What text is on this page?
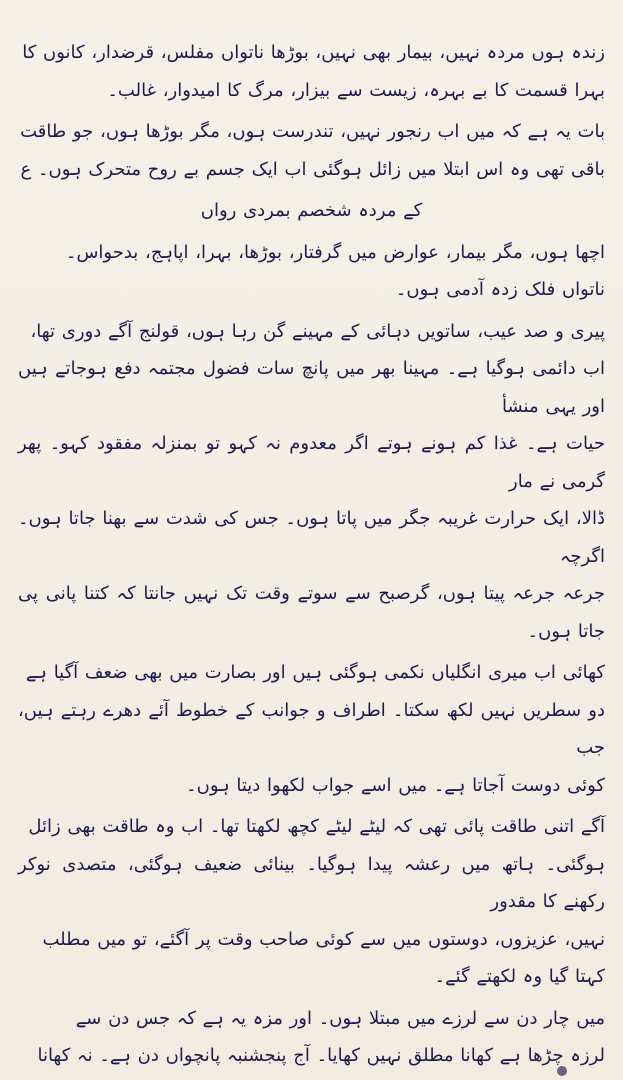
زندہ ہوں مردہ نہیں، بیمار بھی نہیں، بوڑھا ناتواں مفلس، قرضدار، کانوں کا
بہرا قسمت کا بے بہرہ، زیست سے بیزار، مرگ کا امیدوار، غالب۔

بات یہ ہے کہ میں اب رنجور نہیں، تندرست ہوں، مگر بوڑھا ہوں، جو طاقت
باقی تھی وہ اس ابتلا میں زائل ہوگئی اب ایک جسم بے روح متحرک ہوں۔ ع

کے مردہ شخصم بمردی رواں

اچھا ہوں، مگر بیمار، عوارض میں گرفتار، بوڑھا، بہرا، اپاہج، بدحواس۔
ناتواں فلک زدہ آدمی ہوں۔

پیری و صد عیب، ساتویں دہائی کے مہینے گن رہا ہوں، قولنج آگے دوری تھا،
اب دائمی ہوگیا ہے۔ مہینا بھر میں پانچ سات فضول مجتمہ دفع ہوجاتے ہیں اور یہی منشأ
حیات ہے۔ غذا کم ہونے ہوتے اگر معدوم نہ کہو تو بمنزلہ مفقود کہو۔ پھر گرمی نے مار
ڈالا، ایک حرارت غریبہ جگر میں پاتا ہوں۔ جس کی شدت سے بھنا جاتا ہوں۔ اگرچہ
جرعہ جرعہ پیتا ہوں، گرصبح سے سوتے وقت تک نہیں جانتا کہ کتنا پانی پی جاتا ہوں۔

کھائی اب میری انگلیاں نکمی ہوگئی ہیں اور بصارت میں بھی ضعف آگیا ہے
دو سطریں نہیں لکھ سکتا۔ اطراف و جوانب کے خطوط آئے دھرے رہتے ہیں، جب
کوئی دوست آجاتا ہے۔ میں اسے جواب لکھوا دیتا ہوں۔

آگے اتنی طاقت پائی تھی کہ لیٹے لیٹے کچھ لکھتا تھا۔ اب وہ طاقت بھی زائل
ہوگئی۔ ہاتھ میں رعشہ پیدا ہوگیا۔ بینائی ضعیف ہوگئی، متصدی نوکر رکھنے کا مقدور
نہیں، عزیزوں، دوستوں میں سے کوئی صاحب وقت پر آگئے، تو میں مطلب
کہتا گیا وہ لکھتے گئے۔

میں چار دن سے لرزے میں مبتلا ہوں۔ اور مزہ یہ ہے کہ جس دن سے
لرزہ چڑھا ہے کھانا مطلق نہیں کھایا۔ آج پنجشنبہ پانچواں دن ہے۔ نہ کھانا
